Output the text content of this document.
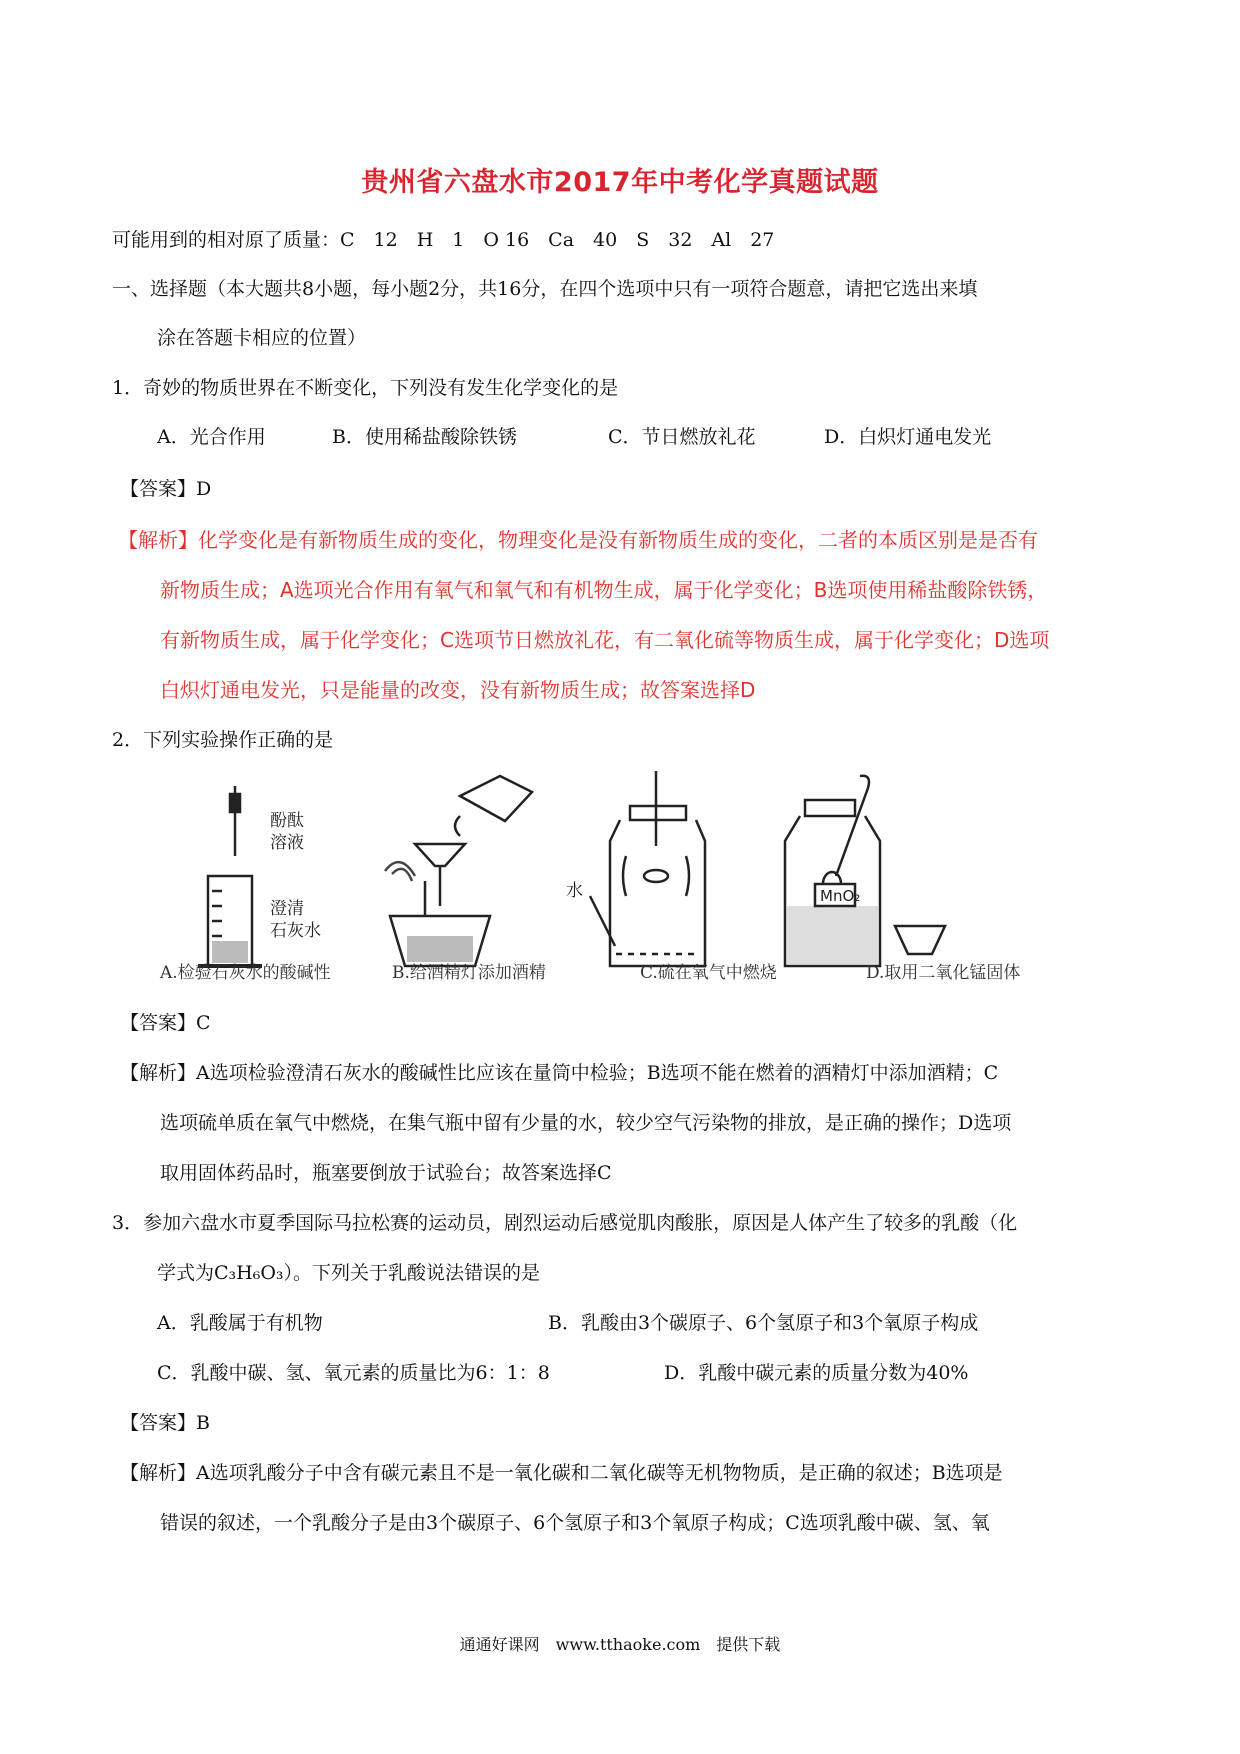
贵州省六盘水市2017年中考化学真题试题
可能用到的相对原了质量：C　12　H　1　O 16　Ca　40　S　32　Al　27
一、选择题（本大题共8小题，每小题2分，共16分，在四个选项中只有一项符合题意，请把它选出来填
涂在答题卡相应的位置）
1．奇妙的物质世界在不断变化，下列没有发生化学变化的是
A．光合作用	B．使用稀盐酸除铁锈	C．节日燃放礼花	D．白炽灯通电发光
【答案】D
【解析】化学变化是有新物质生成的变化，物理变化是没有新物质生成的变化，二者的本质区别是是否有
新物质生成；A选项光合作用有氧气和氧气和有机物生成，属于化学变化；B选项使用稀盐酸除铁锈，
有新物质生成，属于化学变化；C选项节日燃放礼花，有二氧化硫等物质生成，属于化学变化；D选项
白炽灯通电发光，只是能量的改变，没有新物质生成；故答案选择D
2．下列实验操作正确的是
酚酞
溶液
澄清
石灰水
水	MnO₂
A.检验石灰水的酸碱性	B.给酒精灯添加酒精	C.硫在氧气中燃烧	D.取用二氧化锰固体
【答案】C
【解析】A选项检验澄清石灰水的酸碱性比应该在量筒中检验；B选项不能在燃着的酒精灯中添加酒精；C
选项硫单质在氧气中燃烧，在集气瓶中留有少量的水，较少空气污染物的排放，是正确的操作；D选项
取用固体药品时，瓶塞要倒放于试验台；故答案选择C
3．参加六盘水市夏季国际马拉松赛的运动员，剧烈运动后感觉肌肉酸胀，原因是人体产生了较多的乳酸（化
学式为C₃H₆O₃）。下列关于乳酸说法错误的是
A．乳酸属于有机物	B．乳酸由3个碳原子、6个氢原子和3个氧原子构成
C．乳酸中碳、氢、氧元素的质量比为6：1：8	D．乳酸中碳元素的质量分数为40%
【答案】B
【解析】A选项乳酸分子中含有碳元素且不是一氧化碳和二氧化碳等无机物物质，是正确的叙述；B选项是
错误的叙述，一个乳酸分子是由3个碳原子、6个氢原子和3个氧原子构成；C选项乳酸中碳、氢、氧
通通好课网　www.tthaoke.com　提供下载
